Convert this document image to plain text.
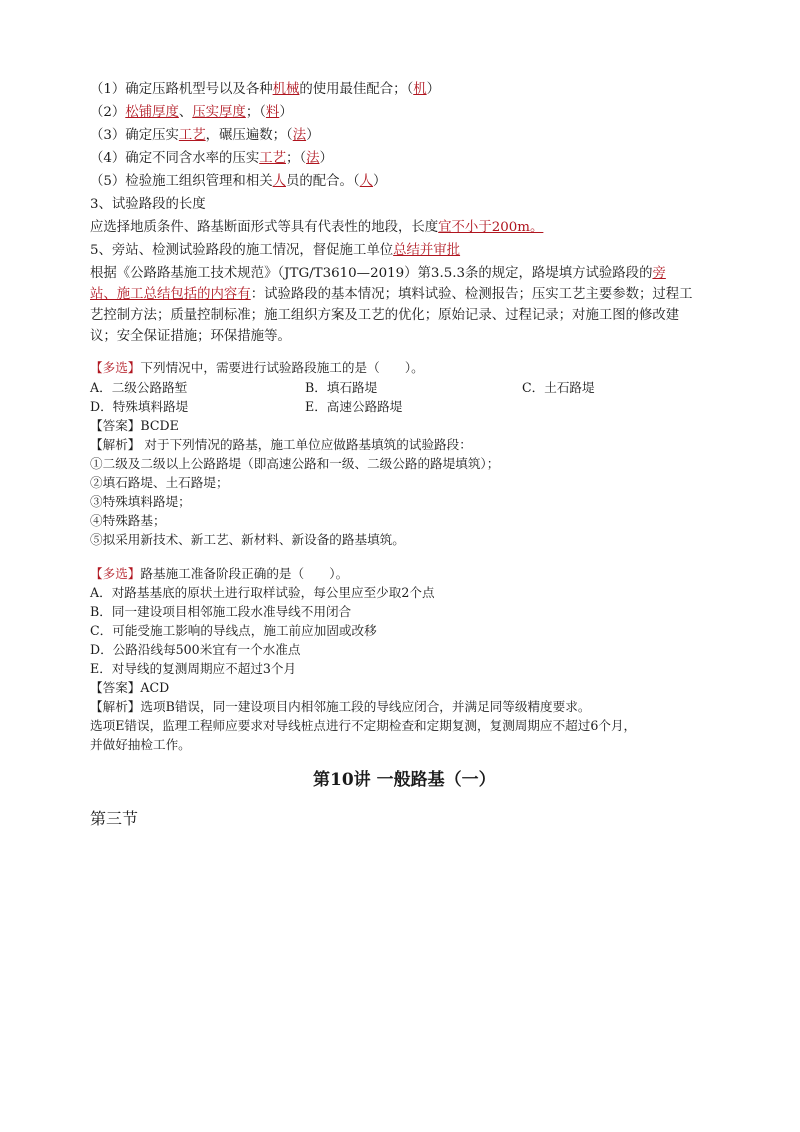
（1）确定压路机型号以及各种机械的使用最佳配合；（机）
（2）松铺厚度、压实厚度；（料）
（3）确定压实工艺，碾压遍数；（法）
（4）确定不同含水率的压实工艺；（法）
（5）检验施工组织管理和相关人员的配合。（人）
3、试验路段的长度
应选择地质条件、路基断面形式等具有代表性的地段，长度宜不小于200m。
5、旁站、检测试验路段的施工情况，督促施工单位总结并审批
根据《公路路基施工技术规范》（JTG/T3610—2019）第3.5.3条的规定，路堤填方试验路段的旁
站、施工总结包括的内容有：试验路段的基本情况；填料试验、检测报告；压实工艺主要参数；过程工
艺控制方法；质量控制标准；施工组织方案及工艺的优化；原始记录、过程记录；对施工图的修改建
议；安全保证措施；环保措施等。
【多选】下列情况中，需要进行试验路段施工的是（　　）。
A．二级公路路堑	B．填石路堤	C．土石路堤
D．特殊填料路堤	E．高速公路路堤
【答案】BCDE
【解析】 对于下列情况的路基，施工单位应做路基填筑的试验路段：
①二级及二级以上公路路堤（即高速公路和一级、二级公路的路堤填筑）；
②填石路堤、土石路堤；
③特殊填料路堤；
④特殊路基；
⑤拟采用新技术、新工艺、新材料、新设备的路基填筑。
【多选】路基施工准备阶段正确的是（　　）。
A．对路基基底的原状土进行取样试验，每公里应至少取2个点
B．同一建设项目相邻施工段水准导线不用闭合
C．可能受施工影响的导线点，施工前应加固或改移
D．公路沿线每500米宜有一个水准点
E．对导线的复测周期应不超过3个月
【答案】ACD
【解析】选项B错误，同一建设项目内相邻施工段的导线应闭合，并满足同等级精度要求。
选项E错误，监理工程师应要求对导线桩点进行不定期检查和定期复测，复测周期应不超过6个月，
并做好抽检工作。
第10讲 一般路基（一）
第三节
